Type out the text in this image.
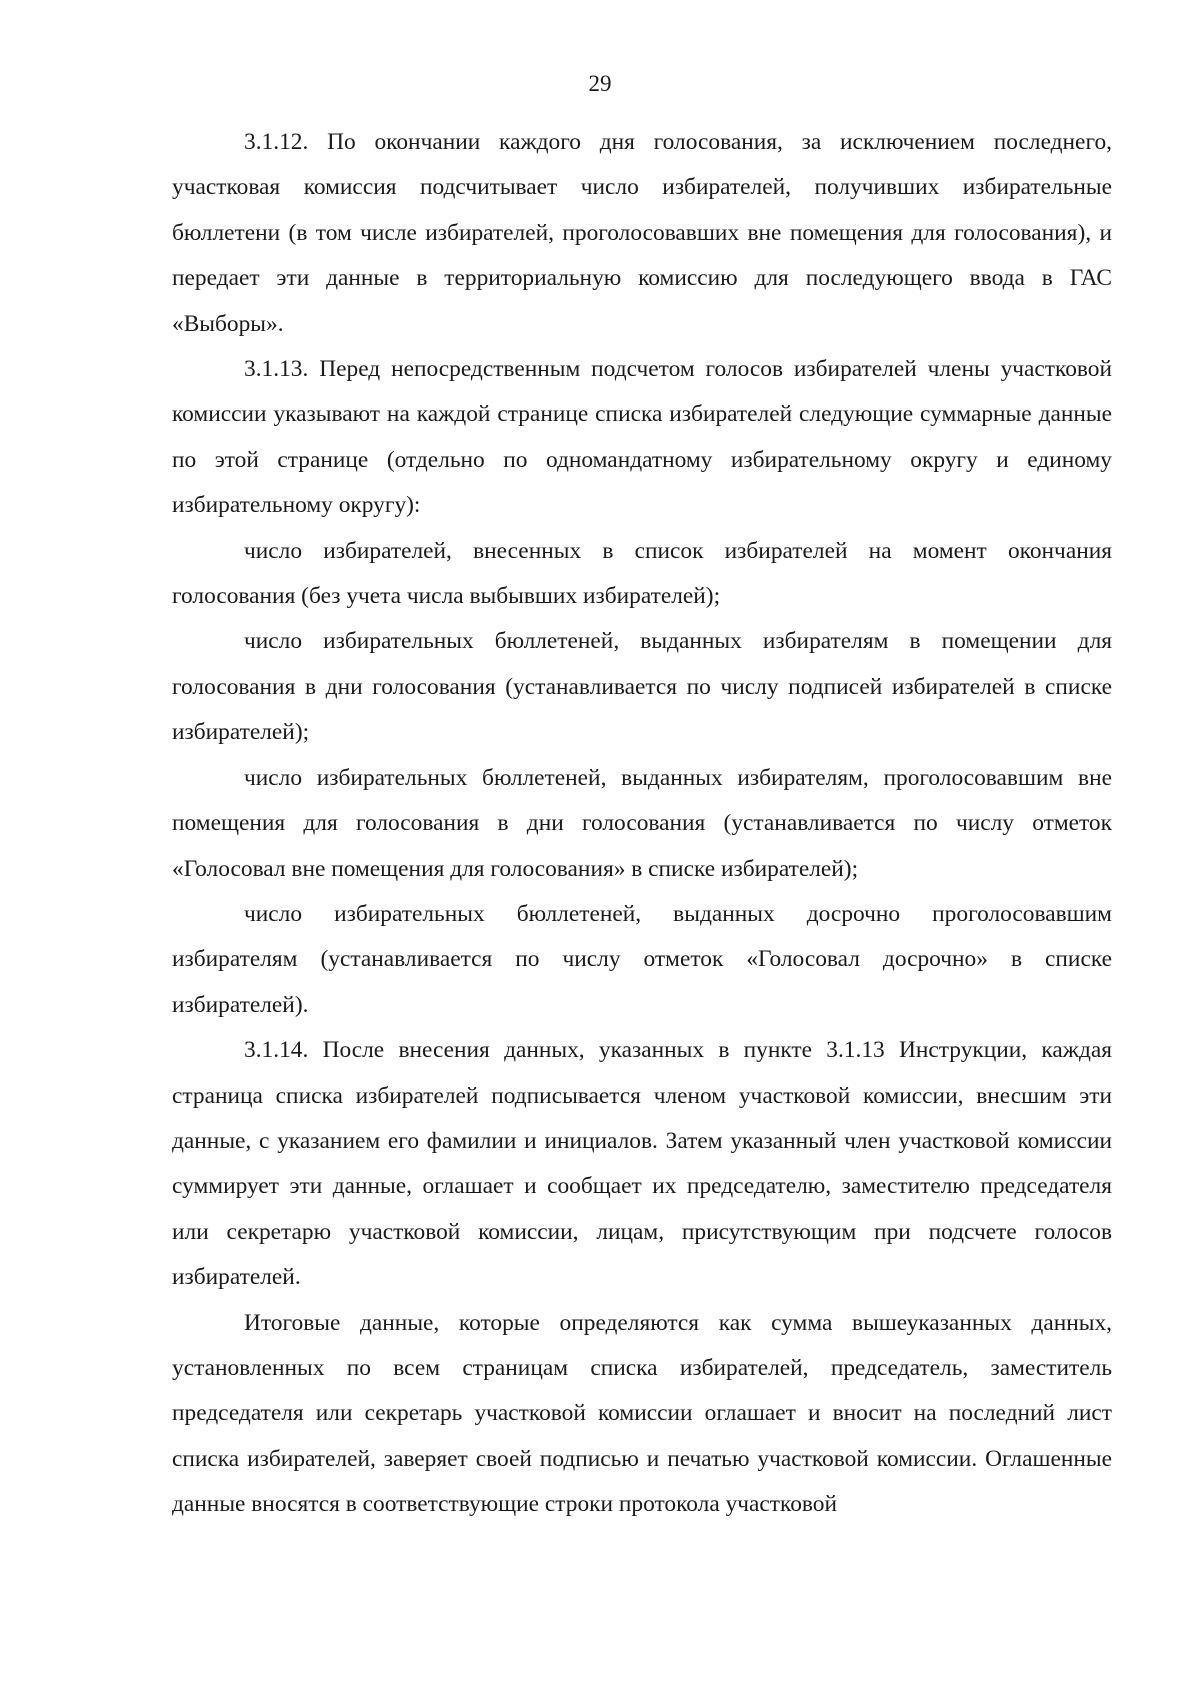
29

3.1.12. По окончании каждого дня голосования, за исключением последнего, участковая комиссия подсчитывает число избирателей, получивших избирательные бюллетени (в том числе избирателей, проголосовавших вне помещения для голосования), и передает эти данные в территориальную комиссию для последующего ввода в ГАС «Выборы».

3.1.13. Перед непосредственным подсчетом голосов избирателей члены участковой комиссии указывают на каждой странице списка избирателей следующие суммарные данные по этой странице (отдельно по одномандатному избирательному округу и единому избирательному округу):

число избирателей, внесенных в список избирателей на момент окончания голосования (без учета числа выбывших избирателей);

число избирательных бюллетеней, выданных избирателям в помещении для голосования в дни голосования (устанавливается по числу подписей избирателей в списке избирателей);

число избирательных бюллетеней, выданных избирателям, проголосовавшим вне помещения для голосования в дни голосования (устанавливается по числу отметок «Голосовал вне помещения для голосования» в списке избирателей);

число избирательных бюллетеней, выданных досрочно проголосовавшим избирателям (устанавливается по числу отметок «Голосовал досрочно» в списке избирателей).

3.1.14. После внесения данных, указанных в пункте 3.1.13 Инструкции, каждая страница списка избирателей подписывается членом участковой комиссии, внесшим эти данные, с указанием его фамилии и инициалов. Затем указанный член участковой комиссии суммирует эти данные, оглашает и сообщает их председателю, заместителю председателя или секретарю участковой комиссии, лицам, присутствующим при подсчете голосов избирателей.

Итоговые данные, которые определяются как сумма вышеуказанных данных, установленных по всем страницам списка избирателей, председатель, заместитель председателя или секретарь участковой комиссии оглашает и вносит на последний лист списка избирателей, заверяет своей подписью и печатью участковой комиссии. Оглашенные данные вносятся в соответствующие строки протокола участковой
